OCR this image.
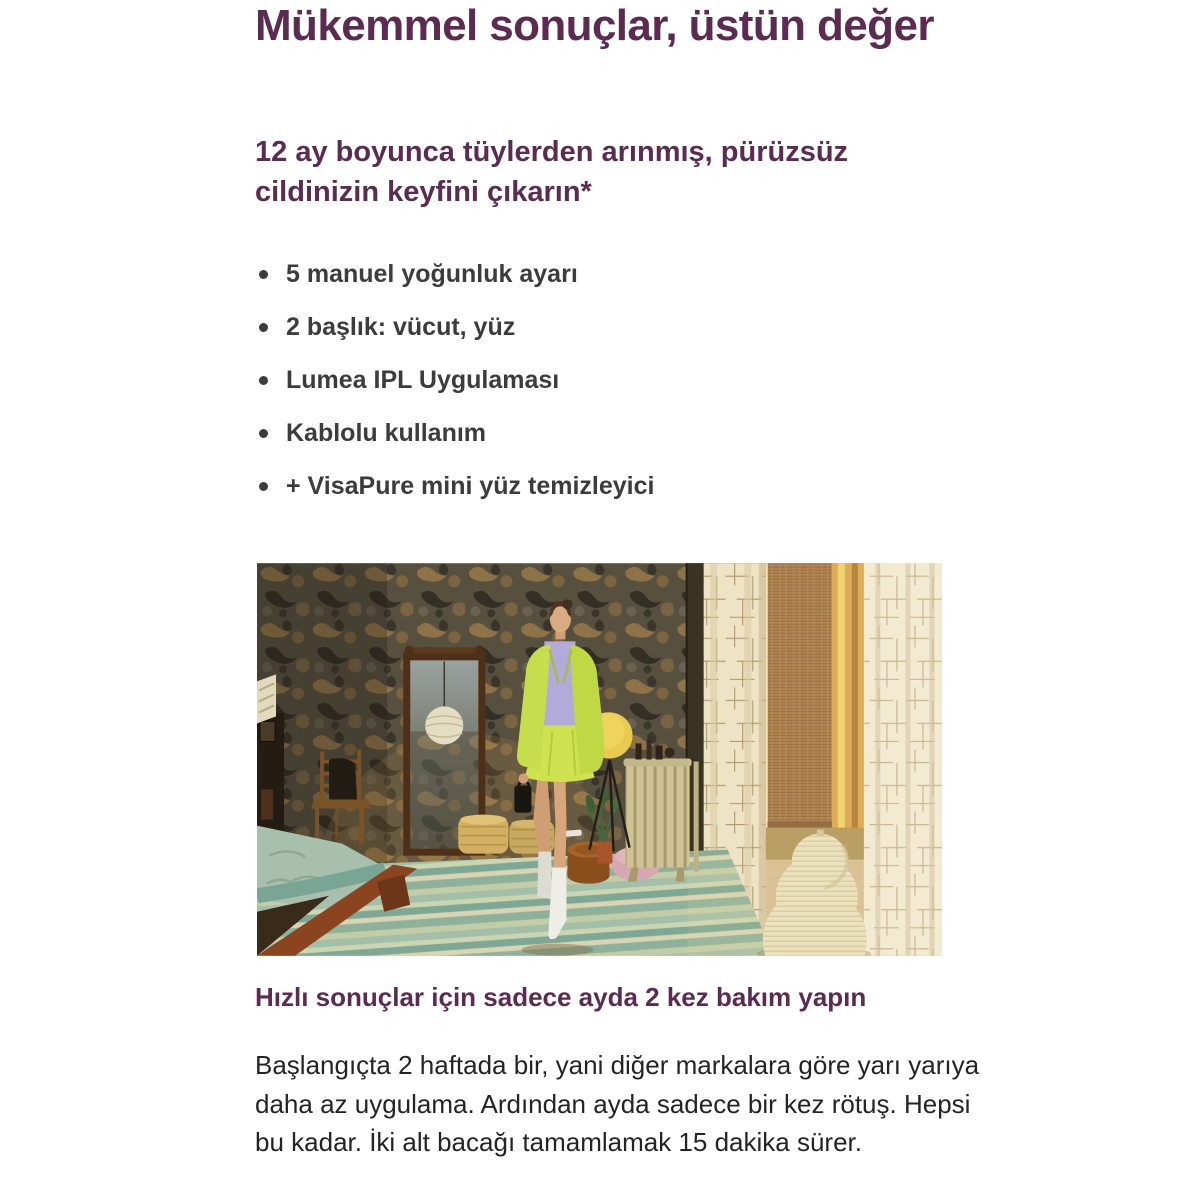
Mükemmel sonuçlar, üstün değer
12 ay boyunca tüylerden arınmış, pürüzsüz cildinizin keyfini çıkarın*
5 manuel yoğunluk ayarı
2 başlık: vücut, yüz
Lumea IPL Uygulaması
Kablolu kullanım
+ VisaPure mini yüz temizleyici
Hızlı sonuçlar için sadece ayda 2 kez bakım yapın

Başlangıçta 2 haftada bir, yani diğer markalara göre yarı yarıya daha az uygulama. Ardından ayda sadece bir kez rötuş. Hepsi bu kadar. İki alt bacağı tamamlamak 15 dakika sürer.
